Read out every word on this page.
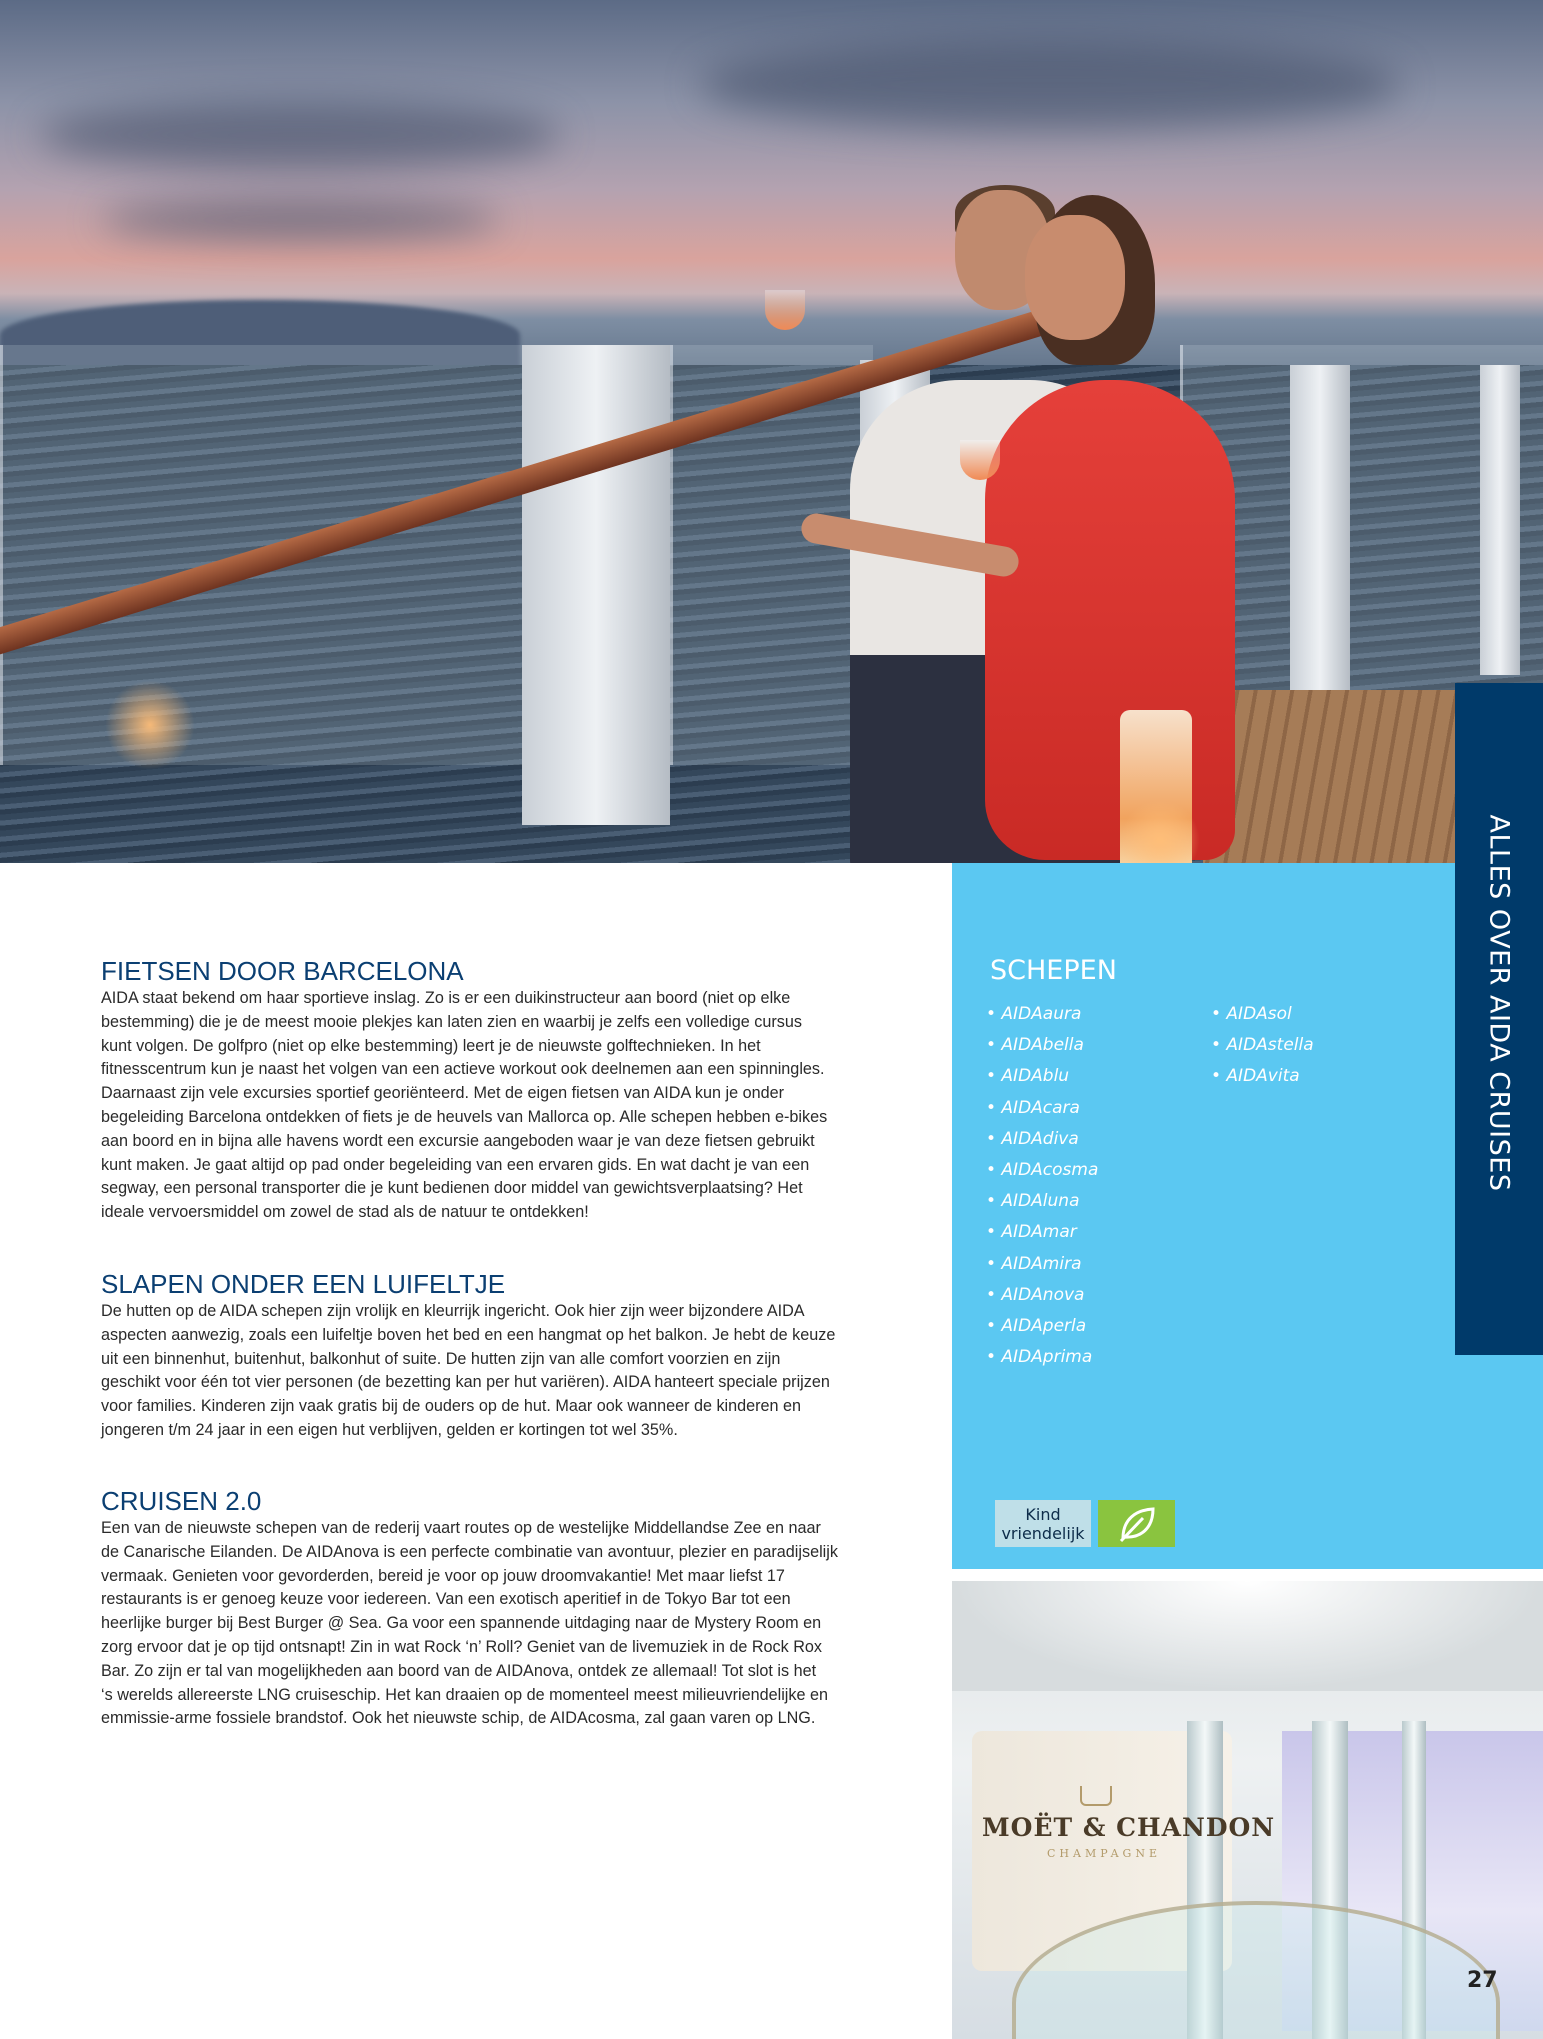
ALLES OVER AIDA CRUISES
SCHEPEN
• AIDAaura
• AIDAbella
• AIDAblu
• AIDAcara
• AIDAdiva
• AIDAcosma
• AIDAluna
• AIDAmar
• AIDAmira
• AIDAnova
• AIDAperla
• AIDAprima
• AIDAsol
• AIDAstella
• AIDAvita
Kind vriendelijk
MOËT & CHANDON
CHAMPAGNE
27
FIETSEN DOOR BARCELONA

AIDA staat bekend om haar sportieve inslag. Zo is er een duikinstructeur aan boord (niet op elke
bestemming) die je de meest mooie plekjes kan laten zien en waarbij je zelfs een volledige cursus
kunt volgen. De golfpro (niet op elke bestemming) leert je de nieuwste golftechnieken. In het
fitnesscentrum kun je naast het volgen van een actieve workout ook deelnemen aan een spinningles.
Daarnaast zijn vele excursies sportief georiënteerd. Met de eigen fietsen van AIDA kun je onder
begeleiding Barcelona ontdekken of fiets je de heuvels van Mallorca op. Alle schepen hebben e-bikes
aan boord en in bijna alle havens wordt een excursie aangeboden waar je van deze fietsen gebruikt
kunt maken. Je gaat altijd op pad onder begeleiding van een ervaren gids. En wat dacht je van een
segway, een personal transporter die je kunt bedienen door middel van gewichtsverplaatsing? Het
ideale vervoersmiddel om zowel de stad als de natuur te ontdekken!

SLAPEN ONDER EEN LUIFELTJE

De hutten op de AIDA schepen zijn vrolijk en kleurrijk ingericht. Ook hier zijn weer bijzondere AIDA
aspecten aanwezig, zoals een luifeltje boven het bed en een hangmat op het balkon. Je hebt de keuze
uit een binnenhut, buitenhut, balkonhut of suite. De hutten zijn van alle comfort voorzien en zijn
geschikt voor één tot vier personen (de bezetting kan per hut variëren). AIDA hanteert speciale prijzen
voor families. Kinderen zijn vaak gratis bij de ouders op de hut. Maar ook wanneer de kinderen en
jongeren t/m 24 jaar in een eigen hut verblijven, gelden er kortingen tot wel 35%.

CRUISEN 2.0

Een van de nieuwste schepen van de rederij vaart routes op de westelijke Middellandse Zee en naar
de Canarische Eilanden. De AIDAnova is een perfecte combinatie van avontuur, plezier en paradijselijk
vermaak. Genieten voor gevorderden, bereid je voor op jouw droomvakantie! Met maar liefst 17
restaurants is er genoeg keuze voor iedereen. Van een exotisch aperitief in de Tokyo Bar tot een
heerlijke burger bij Best Burger @ Sea. Ga voor een spannende uitdaging naar de Mystery Room en
zorg ervoor dat je op tijd ontsnapt! Zin in wat Rock ‘n’ Roll? Geniet van de livemuziek in de Rock Rox
Bar. Zo zijn er tal van mogelijkheden aan boord van de AIDAnova, ontdek ze allemaal! Tot slot is het
‘s werelds allereerste LNG cruiseschip. Het kan draaien op de momenteel meest milieuvriendelijke en
emmissie-arme fossiele brandstof. Ook het nieuwste schip, de AIDAcosma, zal gaan varen op LNG.
